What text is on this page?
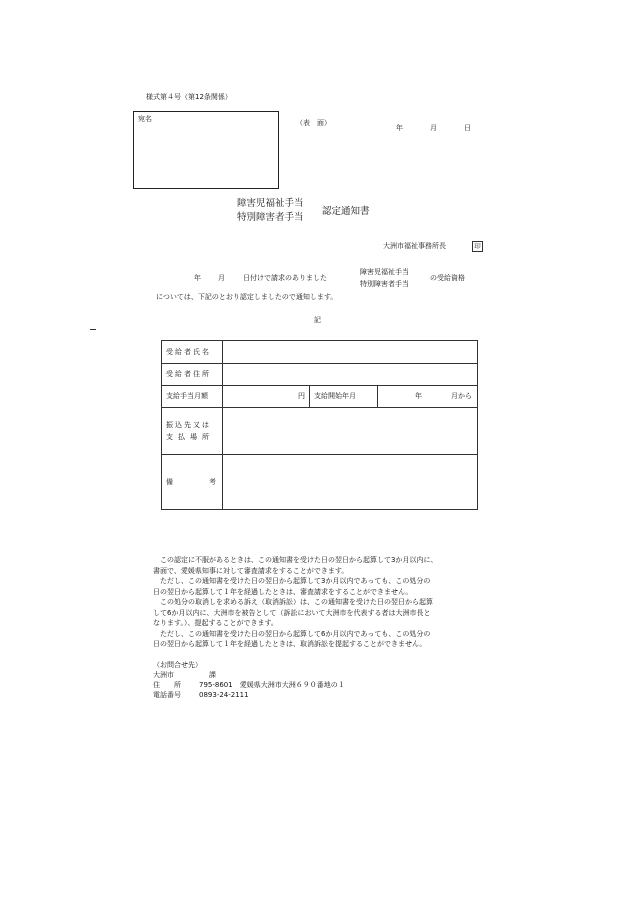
様式第４号（第12条関係）
宛名	（表　面）
年	月	日
障害児福祉手当
特別障害者手当
認定通知書
大洲市福祉事務所長	印
年 月	日付けで請求のありました
障害児福祉手当
特別障害者手当
の受給資格
については、下記のとおり認定しましたので通知します。
記
受給者氏名			
受給者住所			
支給手当月額	円	支給開始年月	年 月から

振込先又は
支払場所			

備 考			

　この認定に不服があるときは、この通知書を受けた日の翌日から起算して3か月以内に、

書面で、愛媛県知事に対して審査請求をすることができます。

　ただし、この通知書を受けた日の翌日から起算して3か月以内であっても、この処分の

日の翌日から起算して１年を経過したときは、審査請求をすることができません。

　この処分の取消しを求める訴え（取消訴訟）は、この通知書を受けた日の翌日から起算

して6か月以内に、大洲市を被告として（訴訟において大洲市を代表する者は大洲市長と

なります。）、提起することができます。

　ただし、この通知書を受けた日の翌日から起算して6か月以内であっても、この処分の

日の翌日から起算して１年を経過したときは、取消訴訟を提起することができません。

（お問合せ先）
大洲市　　　　　課
住　　所	795-8601　愛媛県大洲市大洲６９０番地の１
電話番号	0893-24-2111
